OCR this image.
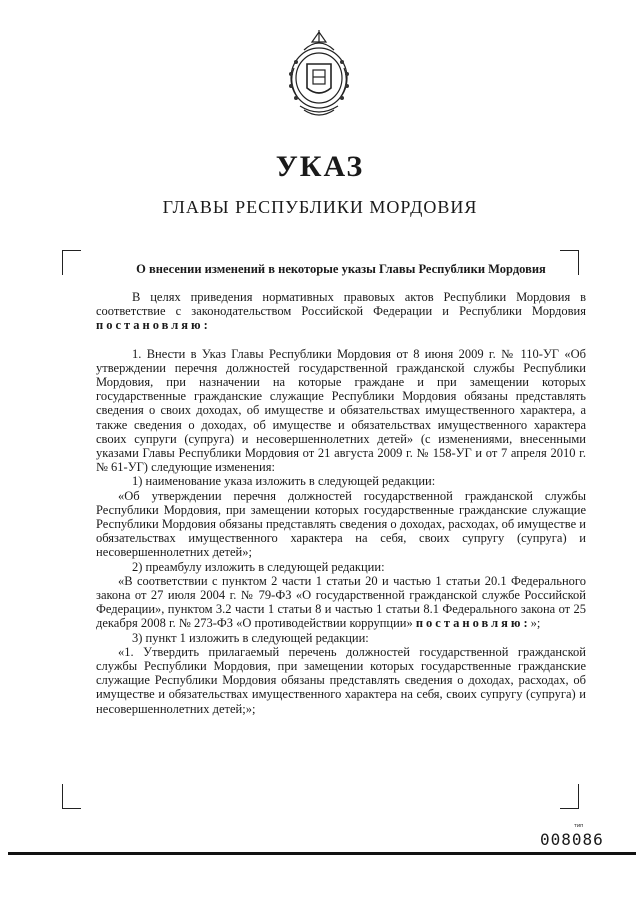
УКАЗ
ГЛАВЫ РЕСПУБЛИКИ МОРДОВИЯ
О внесении изменений в некоторые указы Главы Республики Мордовия

В целях приведения нормативных правовых актов Республики Мордовия в соответствие с законодательством Российской Федерации и Республики Мордовия постановляю:

1. Внести в Указ Главы Республики Мордовия от 8 июня 2009 г. № 110-УГ «Об утверждении перечня должностей государственной гражданской службы Республики Мордовия, при назначении на которые граждане и при замещении которых государственные гражданские служащие Республики Мордовия обязаны представлять сведения о своих доходах, об имуществе и обязательствах имущественного характера, а также сведения о доходах, об имуществе и обязательствах имущественного характера своих супруги (супруга) и несовершеннолетних детей» (с изменениями, внесенными указами Главы Республики Мордовия от 21 августа 2009 г. № 158-УГ и от 7 апреля 2010 г. № 61-УГ) следующие изменения:

1) наименование указа изложить в следующей редакции:

«Об утверждении перечня должностей государственной гражданской службы Республики Мордовия, при замещении которых государственные гражданские служащие Республики Мордовия обязаны представлять сведения о доходах, расходах, об имуществе и обязательствах имущественного характера на себя, своих супругу (супруга) и несовершеннолетних детей»;

2) преамбулу изложить в следующей редакции:

«В соответствии с пунктом 2 части 1 статьи 20 и частью 1 статьи 20.1 Федерального закона от 27 июля 2004 г. № 79-ФЗ «О государственной гражданской службе Российской Федерации», пунктом 3.2 части 1 статьи 8 и частью 1 статьи 8.1 Федерального закона от 25 декабря 2008 г. № 273-ФЗ «О противодействии коррупции» постановляю:»;

3) пункт 1 изложить в следующей редакции:

«1. Утвердить прилагаемый перечень должностей государственной гражданской службы Республики Мордовия, при замещении которых государственные гражданские служащие Республики Мордовия обязаны представлять сведения о доходах, расходах, об имуществе и обязательствах имущественного характера на себя, своих супругу (супруга) и несовершеннолетних детей;»;

тип
008086
